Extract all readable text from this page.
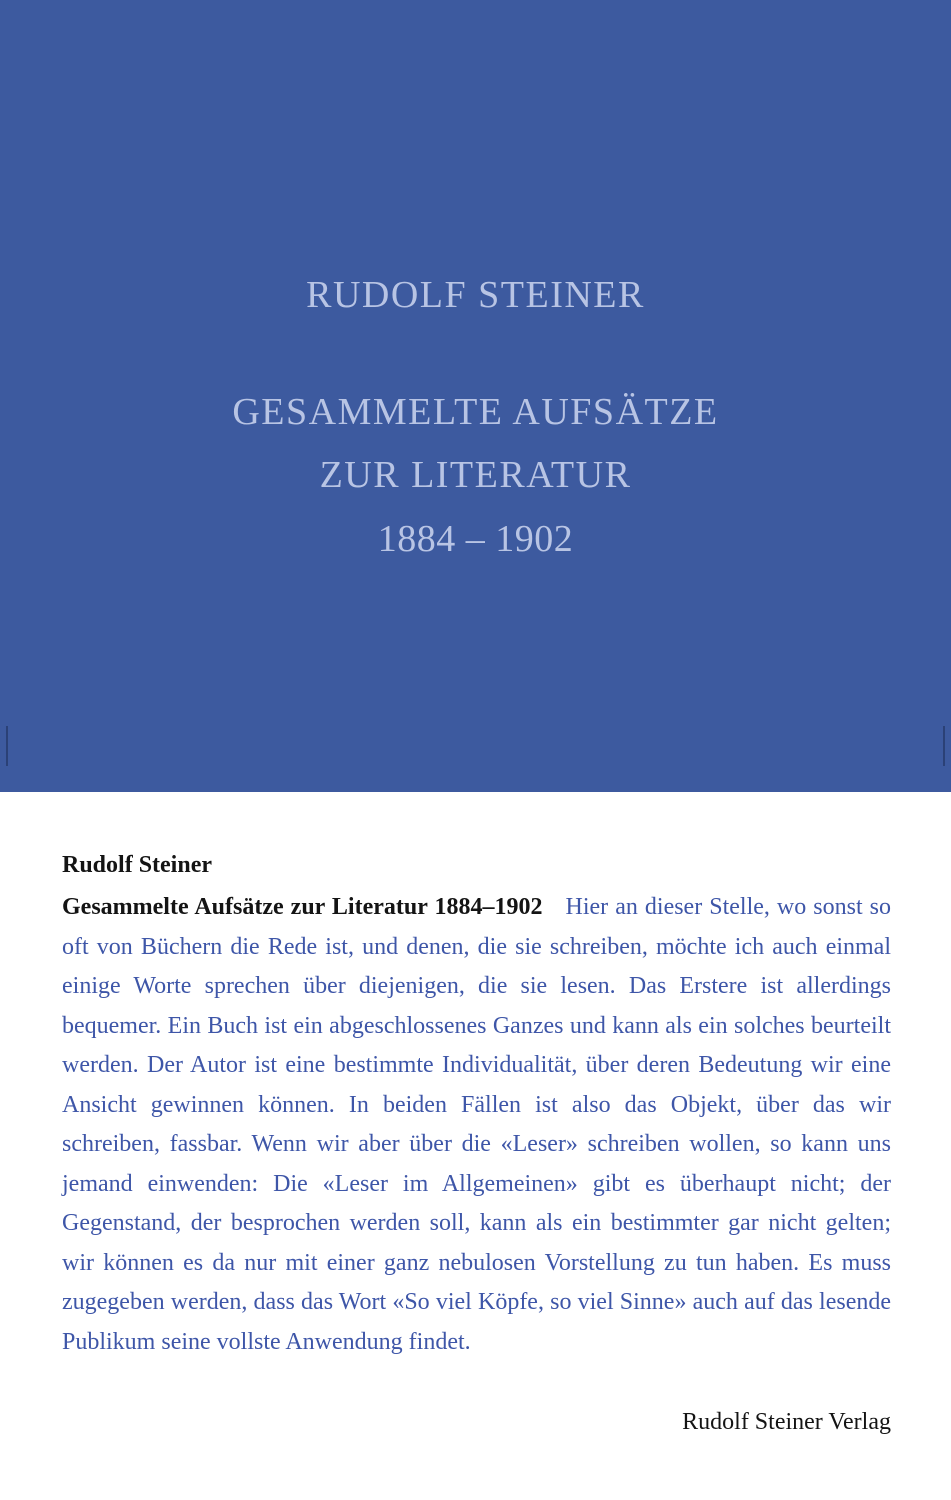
RUDOLF STEINER
GESAMMELTE AUFSÄTZE
ZUR LITERATUR
1884 – 1902
Rudolf Steiner
Gesammelte Aufsätze zur Literatur 1884–1902 Hier an dieser Stelle, wo sonst so oft von Büchern die Rede ist, und denen, die sie schreiben, möchte ich auch einmal einige Worte sprechen über diejenigen, die sie lesen. Das Erstere ist allerdings bequemer. Ein Buch ist ein abgeschlossenes Ganzes und kann als ein solches beurteilt werden. Der Autor ist eine bestimmte Individualität, über deren Bedeutung wir eine Ansicht gewinnen können. In beiden Fällen ist also das Objekt, über das wir schreiben, fassbar. Wenn wir aber über die «Leser» schreiben wollen, so kann uns jemand einwenden: Die «Leser im Allgemeinen» gibt es überhaupt nicht; der Gegenstand, der besprochen werden soll, kann als ein bestimmter gar nicht gelten; wir können es da nur mit einer ganz nebulosen Vorstellung zu tun haben. Es muss zugegeben werden, dass das Wort «So viel Köpfe, so viel Sinne» auch auf das lesende Publikum seine vollste Anwendung findet.
Rudolf Steiner Verlag
